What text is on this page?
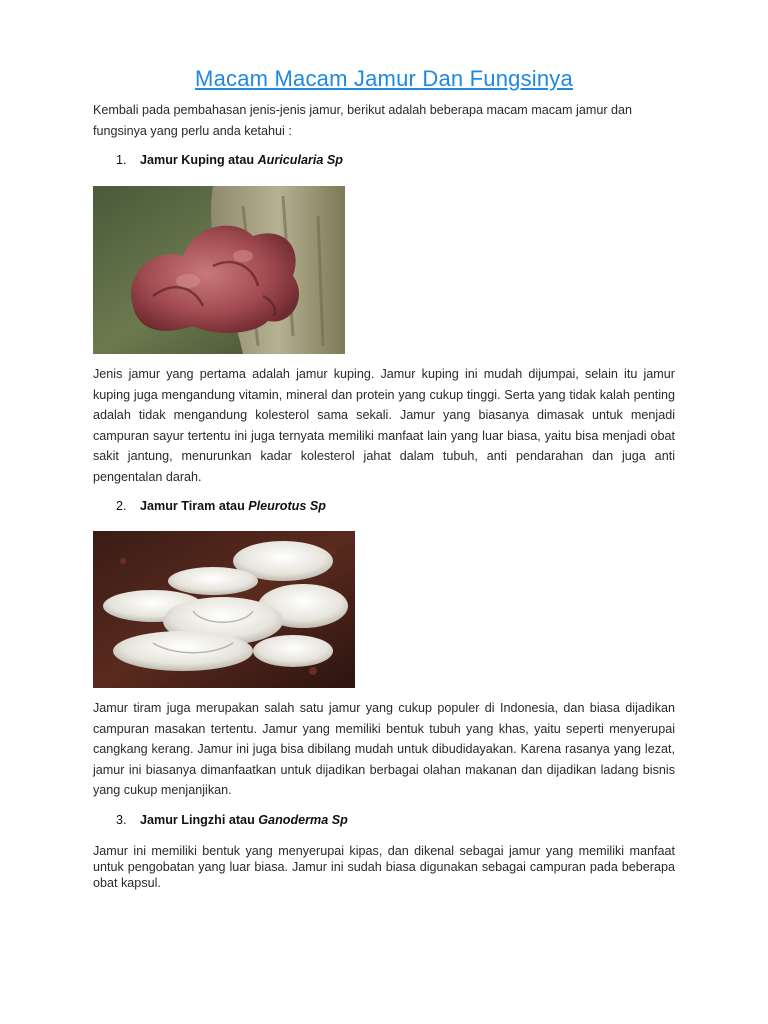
Macam Macam Jamur Dan Fungsinya

Kembali pada pembahasan jenis-jenis jamur, berikut adalah beberapa macam macam jamur dan fungsinya yang perlu anda ketahui :

1. Jamur Kuping atau Auricularia Sp

Jenis jamur yang pertama adalah jamur kuping. Jamur kuping ini mudah dijumpai, selain itu jamur kuping juga mengandung vitamin, mineral dan protein yang cukup tinggi. Serta yang tidak kalah penting adalah tidak mengandung kolesterol sama sekali. Jamur yang biasanya dimasak untuk menjadi campuran sayur tertentu ini juga ternyata memiliki manfaat lain yang luar biasa, yaitu bisa menjadi obat sakit jantung, menurunkan kadar kolesterol jahat dalam tubuh, anti pendarahan dan juga anti pengentalan darah.

2. Jamur Tiram atau Pleurotus Sp

Jamur tiram juga merupakan salah satu jamur yang cukup populer di Indonesia, dan biasa dijadikan campuran masakan tertentu. Jamur yang memiliki bentuk tubuh yang khas, yaitu seperti menyerupai cangkang kerang. Jamur ini juga bisa dibilang mudah untuk dibudidayakan. Karena rasanya yang lezat, jamur ini biasanya dimanfaatkan untuk dijadikan berbagai olahan makanan dan dijadikan ladang bisnis yang cukup menjanjikan.

3. Jamur Lingzhi atau Ganoderma Sp

Jamur ini memiliki bentuk yang menyerupai kipas, dan dikenal sebagai jamur yang memiliki manfaat untuk pengobatan yang luar biasa. Jamur ini sudah biasa digunakan sebagai campuran pada beberapa obat kapsul.
